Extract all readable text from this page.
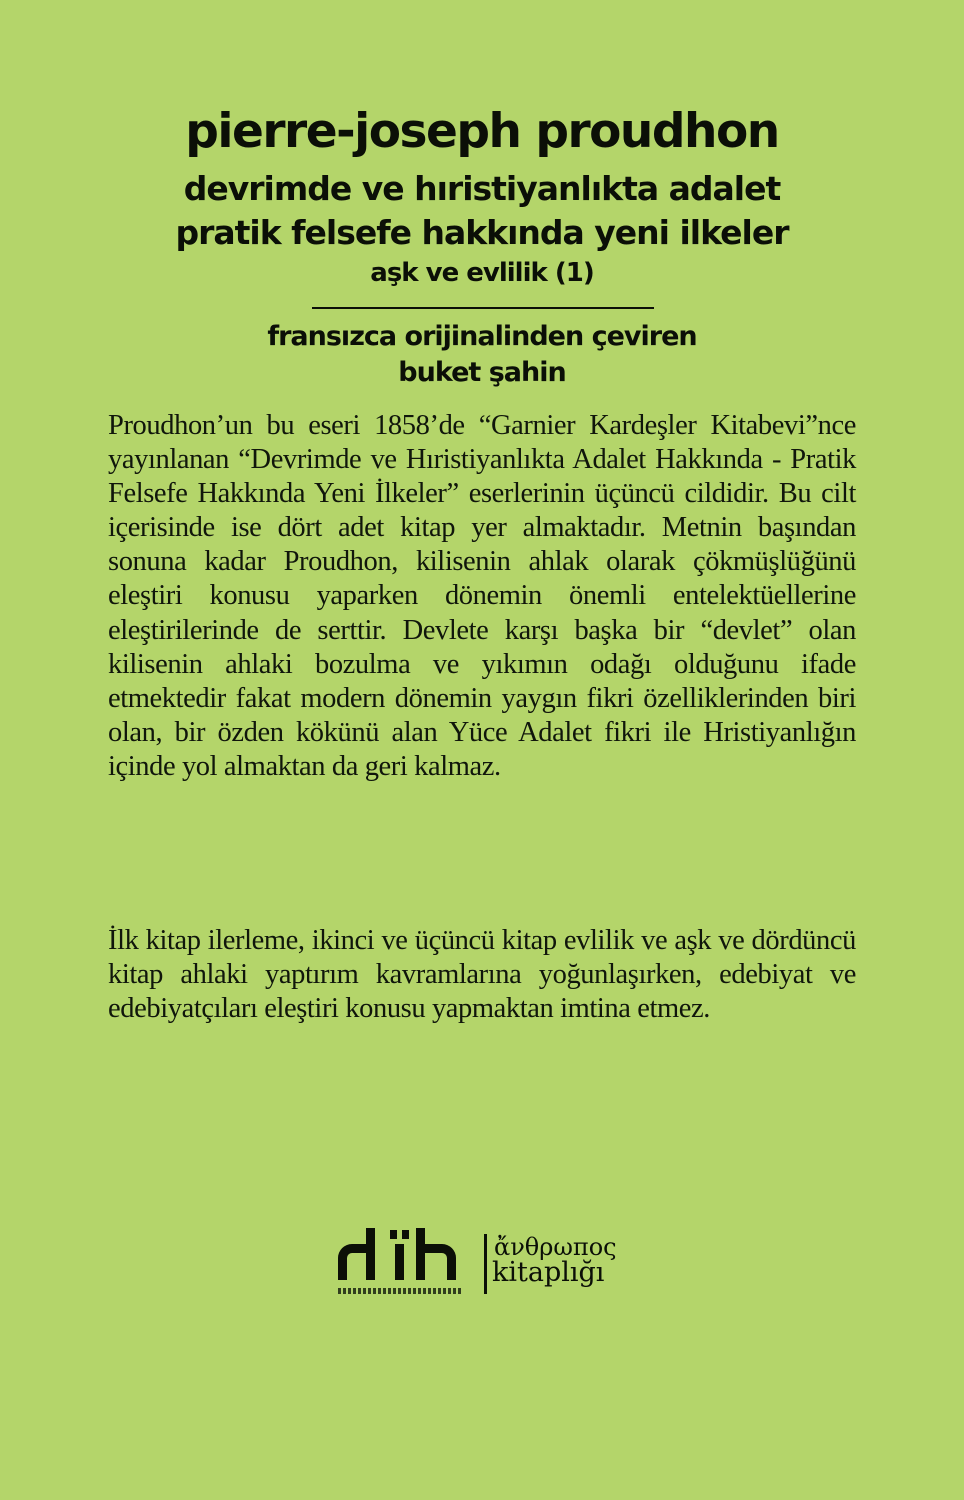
pierre-joseph proudhon
devrimde ve hıristiyanlıkta adalet
pratik felsefe hakkında yeni ilkeler
aşk ve evlilik (1)
fransızca orijinalinden çeviren
buket şahin

Proudhon’un bu eseri 1858’de “Garnier Kardeşler Kitabevi”nce yayınlanan “Devrimde ve Hıristiyanlıkta Adalet Hakkında - Pratik Felsefe Hakkında Yeni İlkeler” eserlerinin üçüncü cildidir. Bu cilt içerisinde ise dört adet kitap yer almaktadır. Metnin başından sonuna kadar Proudhon, kilisenin ahlak olarak çökmüşlüğünü eleştiri konusu yaparken dönemin önemli entelektüellerine eleştirilerinde de serttir. Devlete karşı başka bir “devlet” olan kilisenin ahlaki bozulma ve yıkımın odağı olduğunu ifade etmektedir fakat modern dönemin yaygın fikri özelliklerinden biri olan, bir özden kökünü alan Yüce Adalet fikri ile Hristiyanlığın içinde yol almaktan da geri kalmaz.

İlk kitap ilerleme, ikinci ve üçüncü kitap evlilik ve aşk ve dördüncü kitap ahlaki yaptırım kavramlarına yoğunlaşırken, edebiyat ve edebiyatçıları eleştiri konusu yapmaktan imtina etmez.

ἄνθρωπος
kitaplığı
